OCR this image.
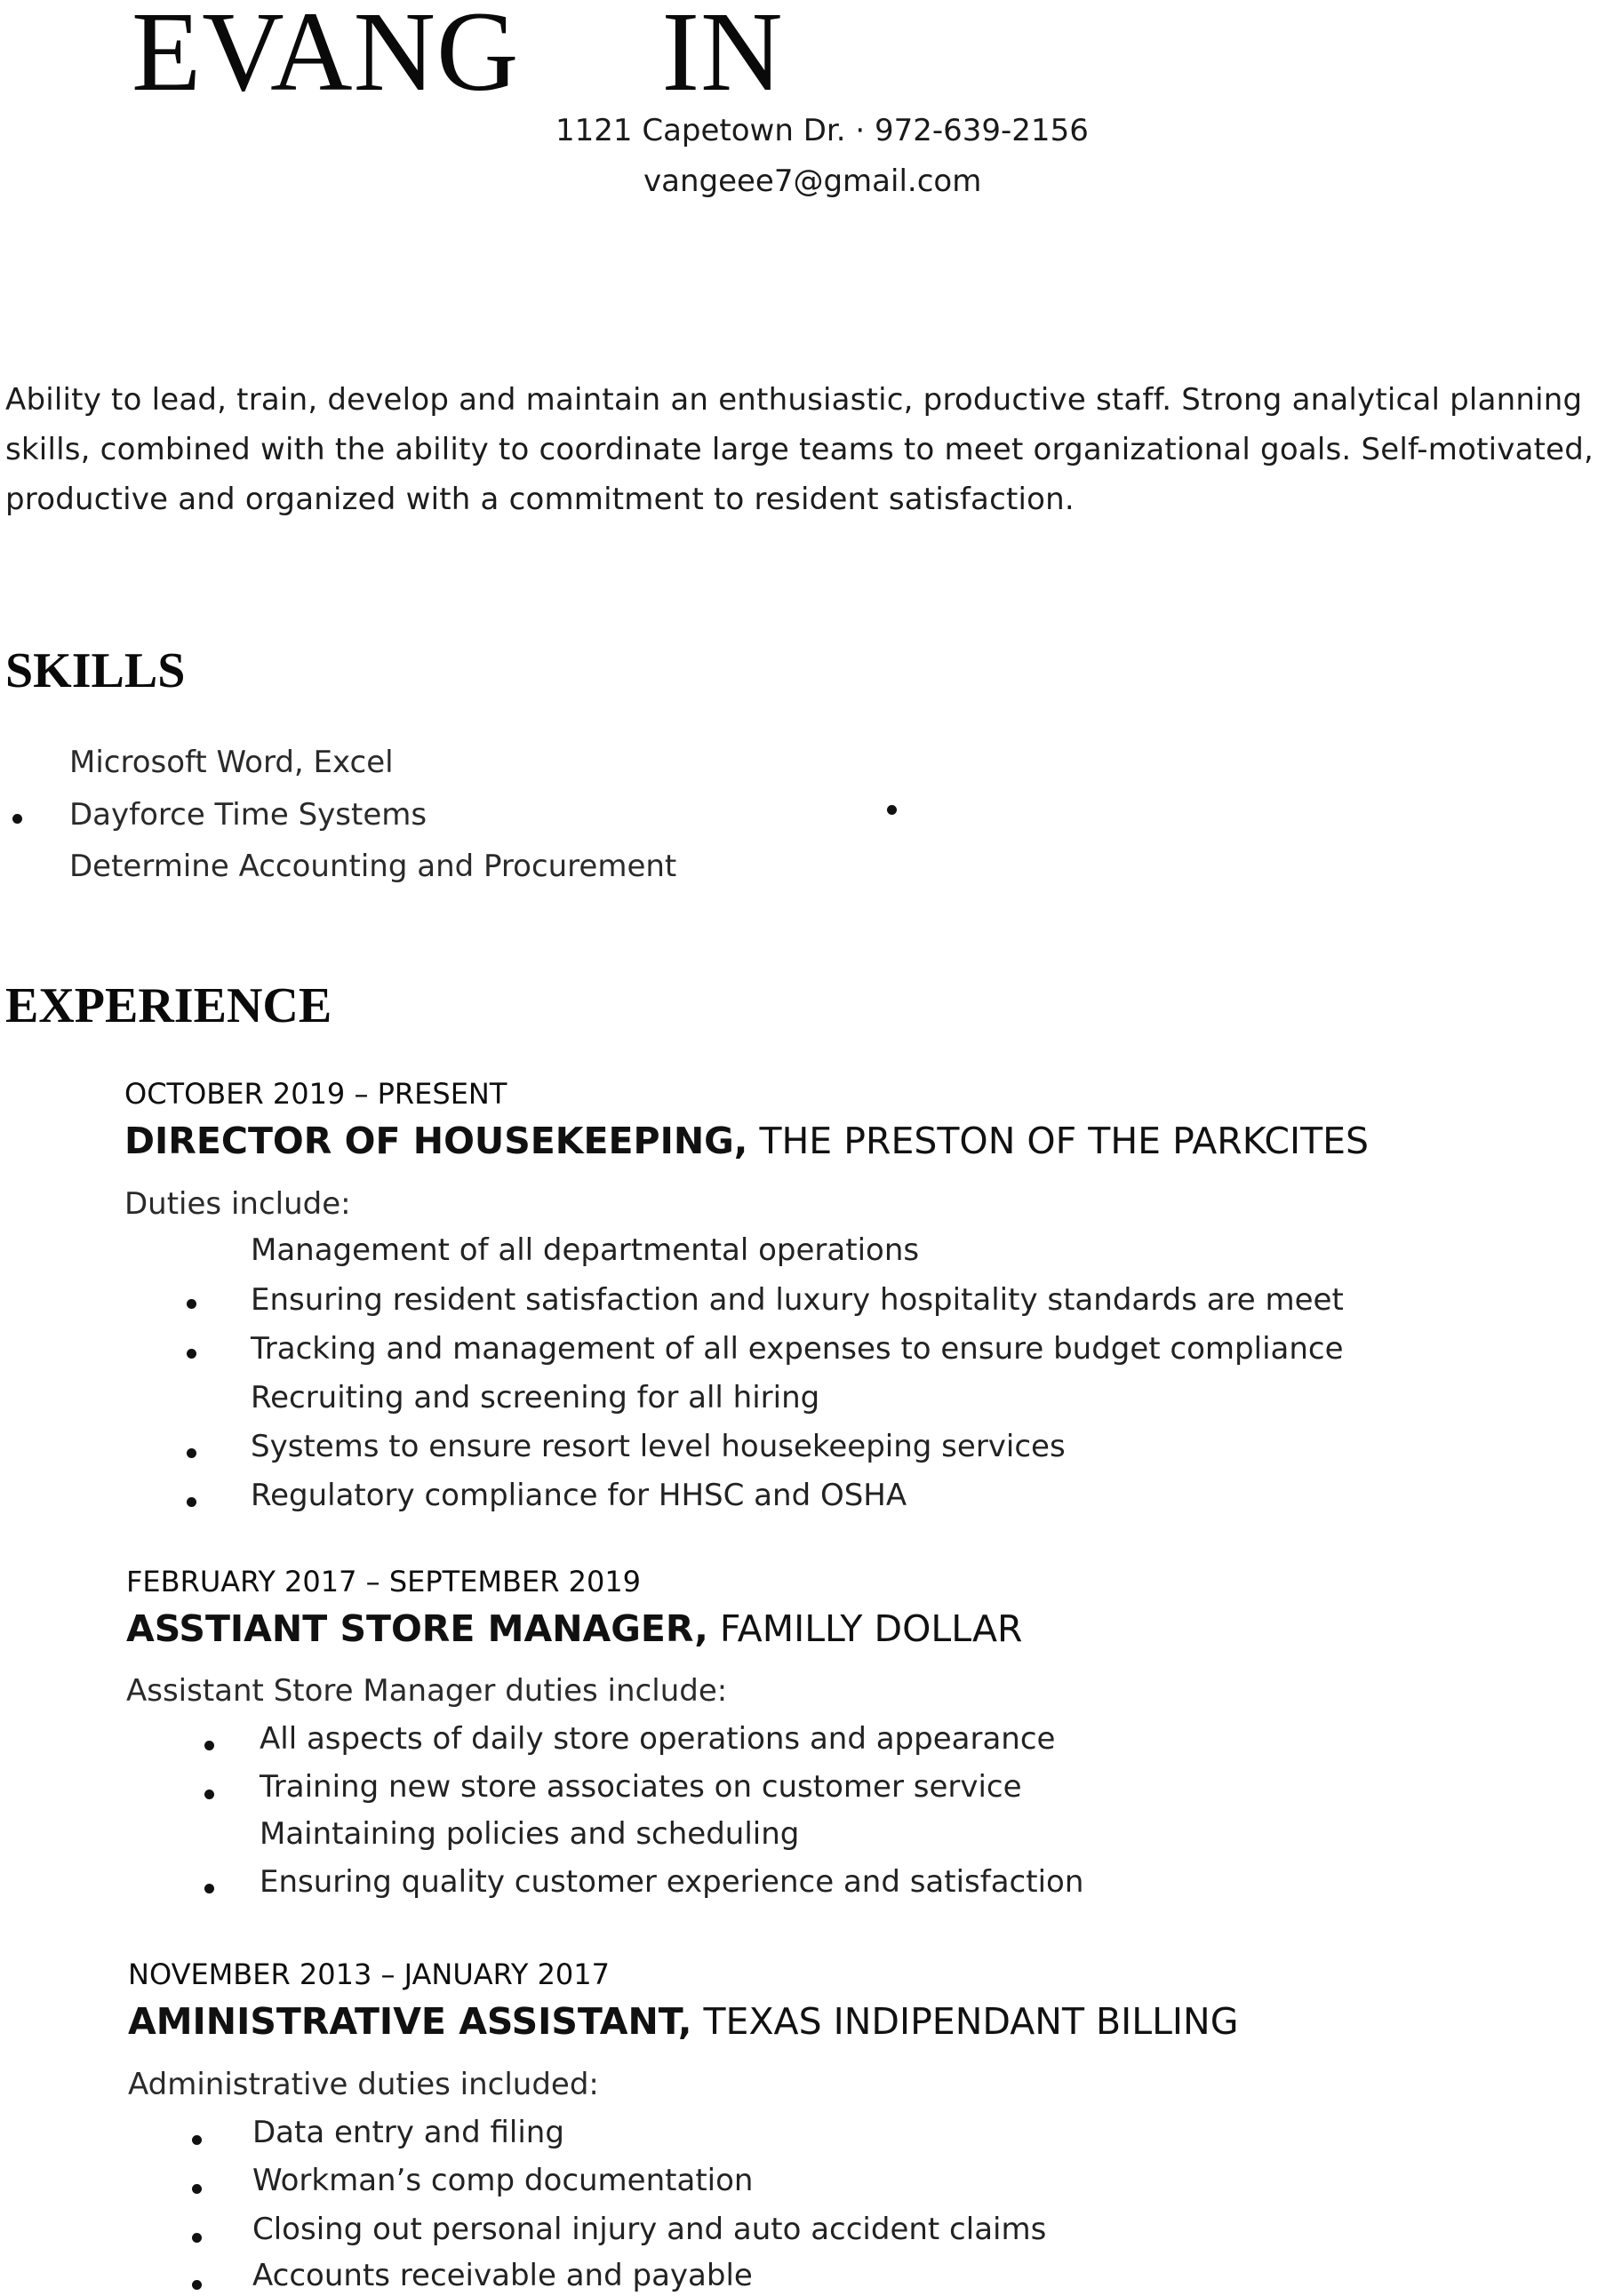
EVANG IN
1121 Capetown Dr. · 972-639-2156
vangeee7@gmail.com
Ability to lead, train, develop and maintain an enthusiastic, productive staff. Strong analytical planning
skills, combined with the ability to coordinate large teams to meet organizational goals. Self-motivated,
productive and organized with a commitment to resident satisfaction.
SKILLS
Microsoft Word, Excel
Dayforce Time Systems
Determine Accounting and Procurement
EXPERIENCE
OCTOBER 2019 – PRESENT
DIRECTOR OF HOUSEKEEPING, THE PRESTON OF THE PARKCITES
Duties include:
Management of all departmental operations
Ensuring resident satisfaction and luxury hospitality standards are meet
Tracking and management of all expenses to ensure budget compliance
Recruiting and screening for all hiring
Systems to ensure resort level housekeeping services
Regulatory compliance for HHSC and OSHA
FEBRUARY 2017 – SEPTEMBER 2019
ASSTIANT STORE MANAGER, FAMILLY DOLLAR
Assistant Store Manager duties include:
All aspects of daily store operations and appearance
Training new store associates on customer service
Maintaining policies and scheduling
Ensuring quality customer experience and satisfaction
NOVEMBER 2013 – JANUARY 2017
AMINISTRATIVE ASSISTANT, TEXAS INDIPENDANT BILLING
Administrative duties included:
Data entry and filing
Workman’s comp documentation
Closing out personal injury and auto accident claims
Accounts receivable and payable
